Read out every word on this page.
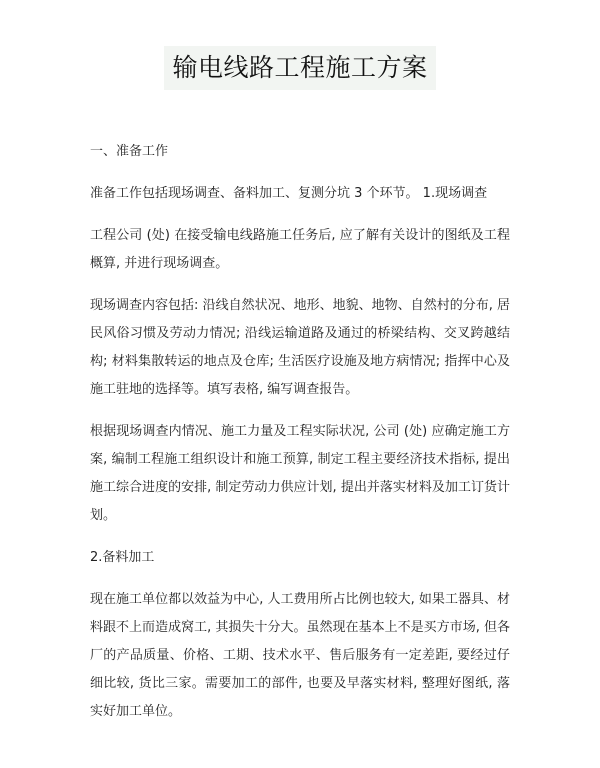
输电线路工程施工方案

一、准备工作

准备工作包括现场调查、备料加工、复测分坑 3 个环节。 1.现场调查

工程公司 (处) 在接受输电线路施工任务后, 应了解有关设计的图纸及工程概算, 并进行现场调查。

现场调查内容包括: 沿线自然状况、地形、地貌、地物、自然村的分布, 居民风俗习惯及劳动力情况; 沿线运输道路及通过的桥梁结构、交叉跨越结构; 材料集散转运的地点及仓库; 生活医疗设施及地方病情况; 指挥中心及施工驻地的选择等。填写表格, 编写调查报告。

根据现场调查内情况、施工力量及工程实际状况, 公司 (处) 应确定施工方案, 编制工程施工组织设计和施工预算, 制定工程主要经济技术指标, 提出施工综合进度的安排, 制定劳动力供应计划, 提出并落实材料及加工订货计划。

2.备料加工

现在施工单位都以效益为中心, 人工费用所占比例也较大, 如果工器具、材料跟不上而造成窝工, 其损失十分大。虽然现在基本上不是买方市场, 但各厂的产品质量、价格、工期、技术水平、售后服务有一定差距, 要经过仔细比较, 货比三家。需要加工的部件, 也要及早落实材料, 整理好图纸, 落实好加工单位。
